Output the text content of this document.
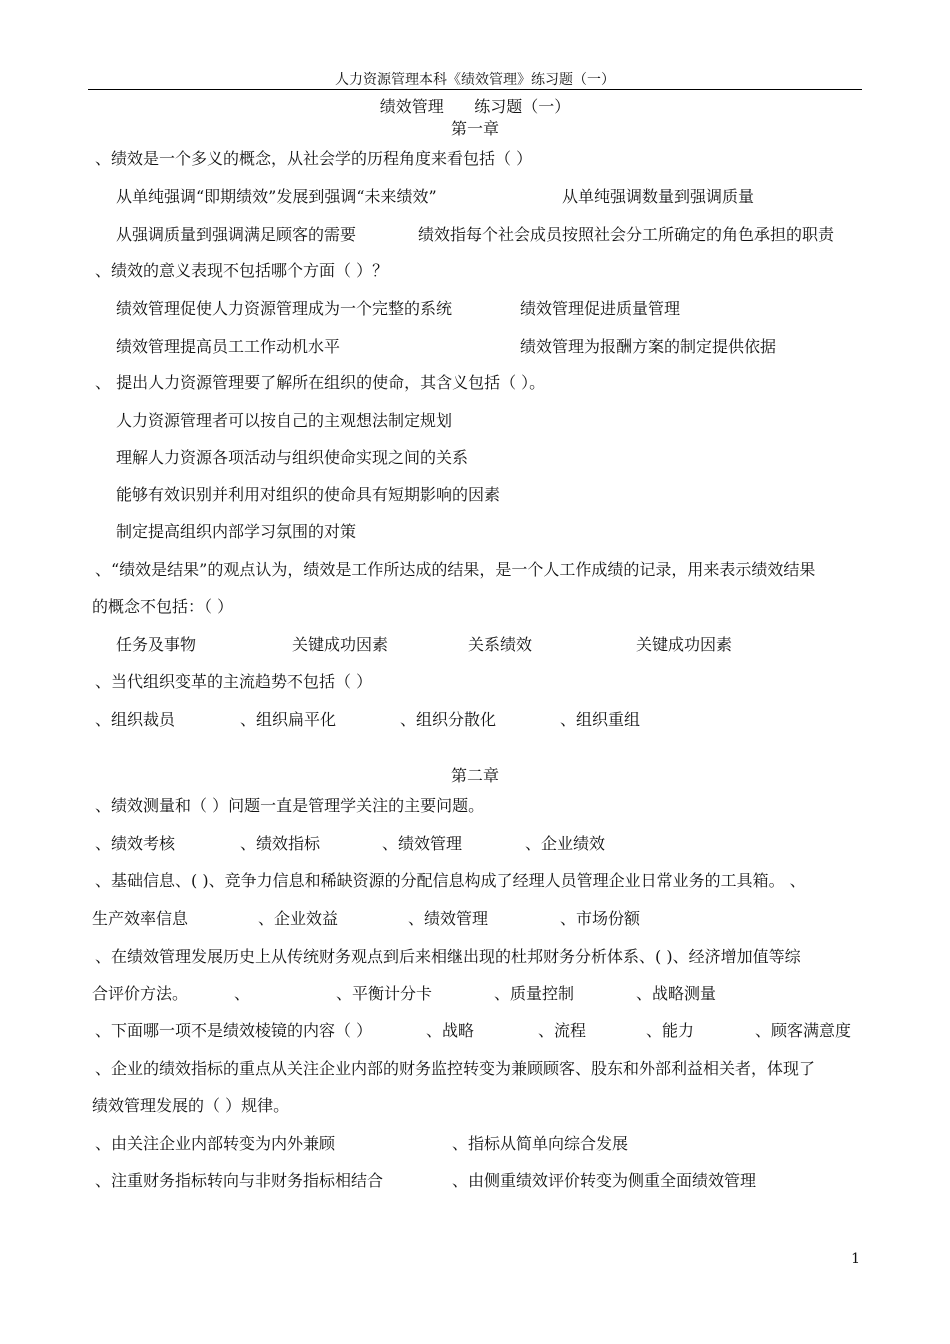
人力资源管理本科《绩效管理》练习题（一）
绩效管理      练习题（一）
第一章
、绩效是一个多义的概念，从社会学的历程角度来看包括（ ）
从单纯强调“即期绩效”发展到强调“未来绩效”	从单纯强调数量到强调质量
从强调质量到强调满足顾客的需要	绩效指每个社会成员按照社会分工所确定的角色承担的职责
、绩效的意义表现不包括哪个方面（ ）？
绩效管理促使人力资源管理成为一个完整的系统	绩效管理促进质量管理
绩效管理提高员工工作动机水平	绩效管理为报酬方案的制定提供依据
、 提出人力资源管理要了解所在组织的使命，其含义包括（ ）。
人力资源管理者可以按自己的主观想法制定规划
理解人力资源各项活动与组织使命实现之间的关系
能够有效识别并利用对组织的使命具有短期影响的因素
制定提高组织内部学习氛围的对策
、“绩效是结果”的观点认为，绩效是工作所达成的结果，是一个人工作成绩的记录，用来表示绩效结果
的概念不包括：（ ）
任务及事物	关键成功因素	关系绩效	关键成功因素
、当代组织变革的主流趋势不包括（ ）
、组织裁员	、组织扁平化	、组织分散化	、组织重组
第二章
、绩效测量和（ ）问题一直是管理学关注的主要问题。
、绩效考核	、绩效指标	、绩效管理	、企业绩效
、基础信息、( )、竞争力信息和稀缺资源的分配信息构成了经理人员管理企业日常业务的工具箱。 、
生产效率信息	、企业效益	、绩效管理	、市场份额
、在绩效管理发展历史上从传统财务观点到后来相继出现的杜邦财务分析体系、( )、经济增加值等综
合评价方法。	、	、平衡计分卡	、质量控制	、战略测量
、下面哪一项不是绩效棱镜的内容（ ）	、战略	、流程	、能力	、顾客满意度
、企业的绩效指标的重点从关注企业内部的财务监控转变为兼顾顾客、股东和外部利益相关者，体现了
绩效管理发展的（ ）规律。
、由关注企业内部转变为内外兼顾	、指标从简单向综合发展
、注重财务指标转向与非财务指标相结合	、由侧重绩效评价转变为侧重全面绩效管理
1
